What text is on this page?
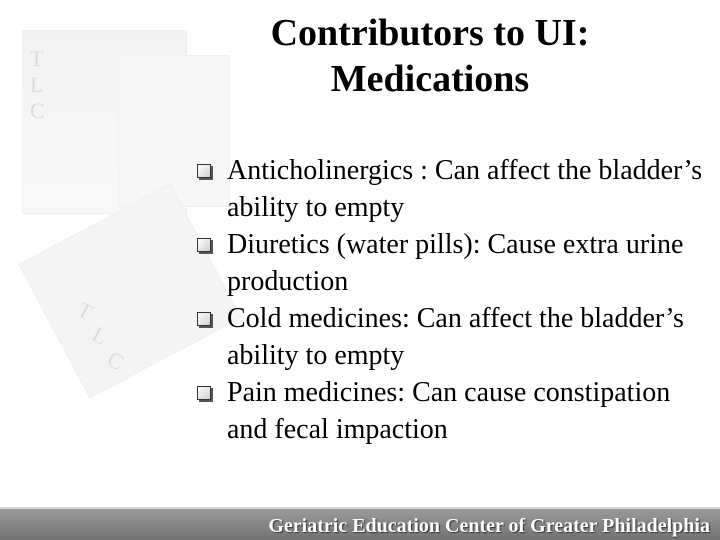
T
L
C
T
L
C
Contributors to UI: Medications
Anticholinergics : Can affect the bladder’s ability to empty
Diuretics (water pills): Cause extra urine production
Cold medicines: Can affect the bladder’s ability to empty
Pain medicines: Can cause constipation and fecal impaction
Geriatric Education Center of Greater Philadelphia
